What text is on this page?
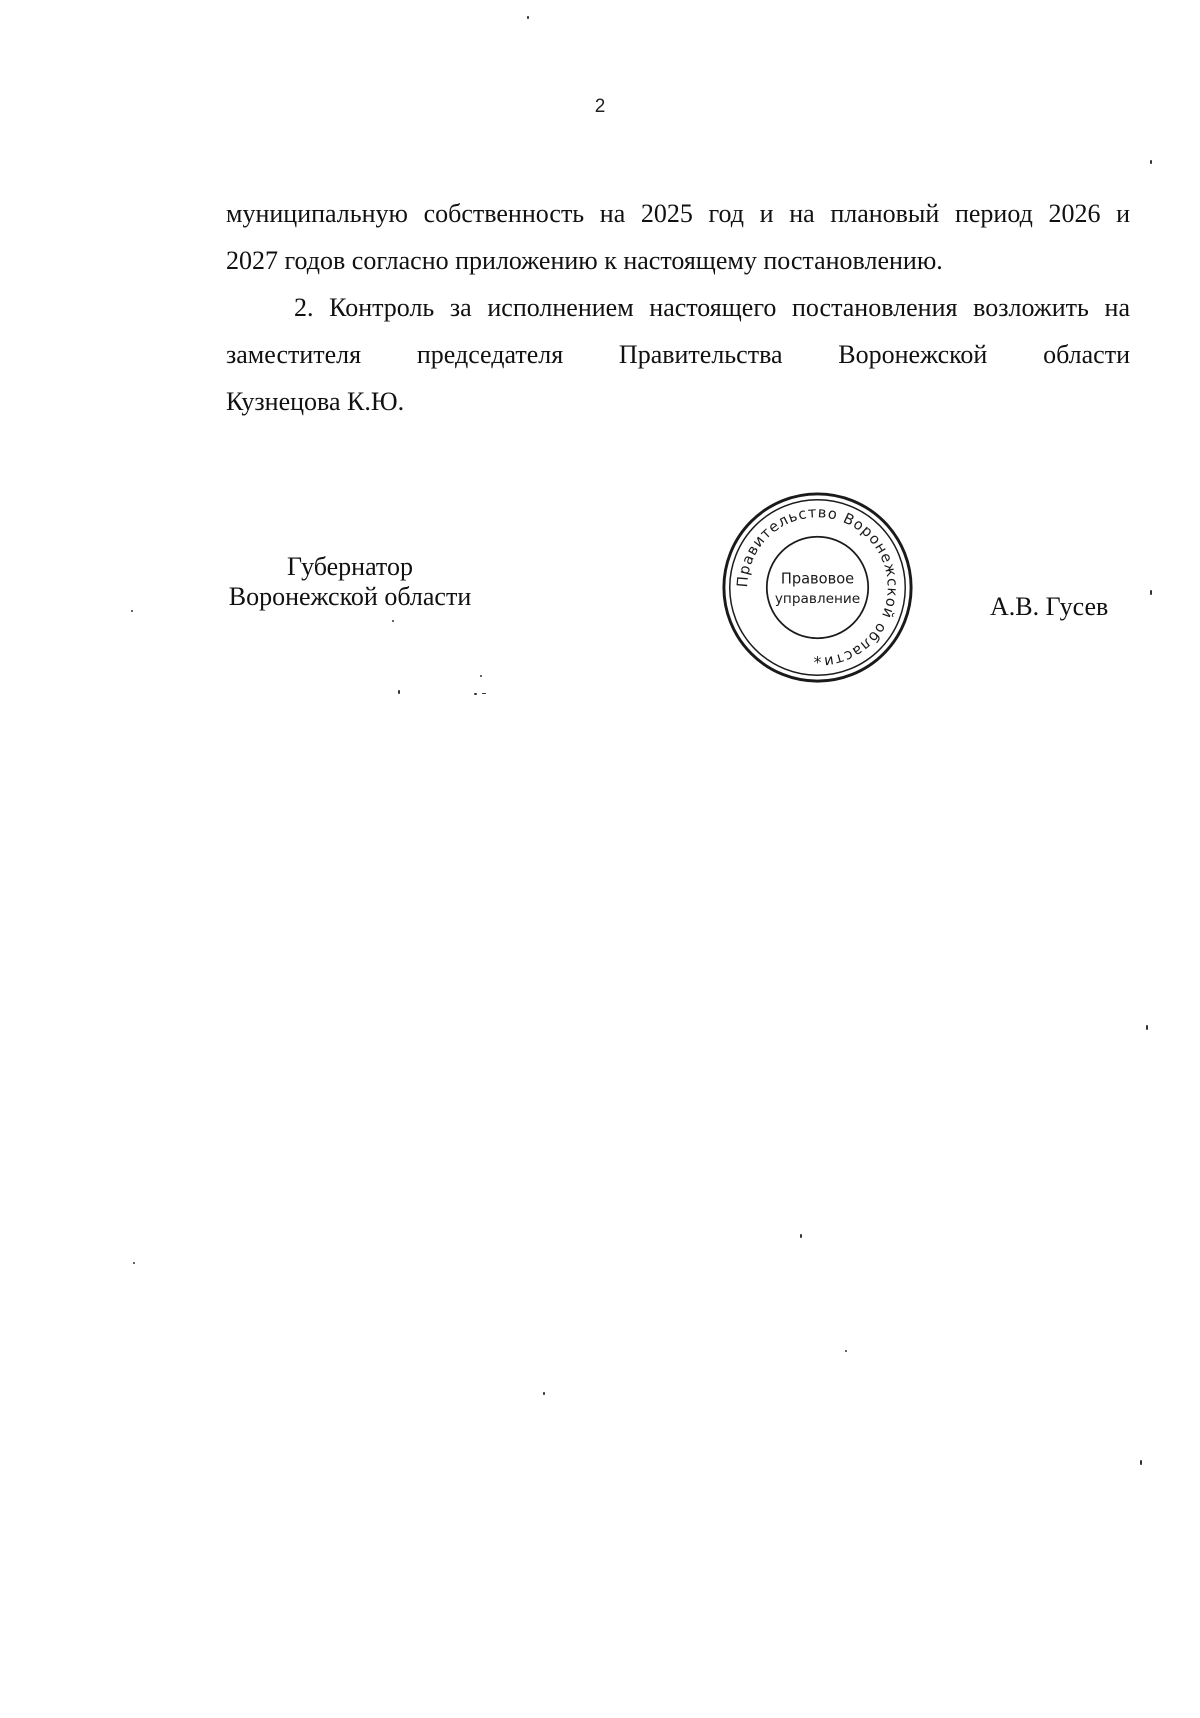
2
муниципальную собственность на 2025 год и на плановый период 2026 и
2027 годов согласно приложению к настоящему постановлению.
2. Контроль за исполнением настоящего постановления возложить на
заместителя председателя Правительства Воронежской области
Кузнецова К.Ю.
Губернатор
Воронежской области
Правительство Воронежской области
Правовое
управление
*
А.В. Гусев
